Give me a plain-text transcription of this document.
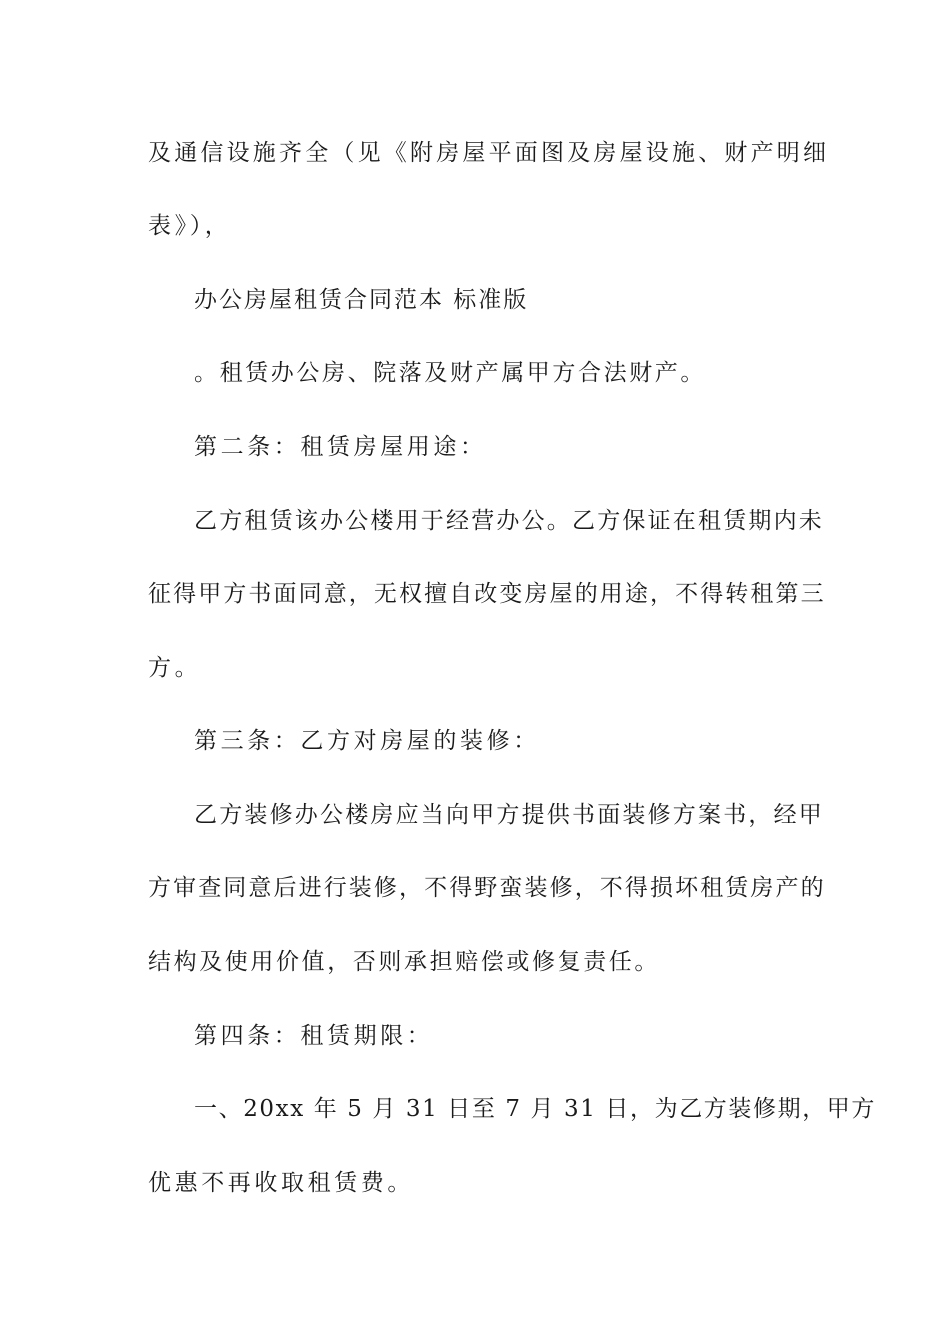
及通信设施齐全（见《附房屋平面图及房屋设施、财产明细
表》），
办公房屋租赁合同范本 标准版
。租赁办公房、院落及财产属甲方合法财产。
第二条：租赁房屋用途：
乙方租赁该办公楼用于经营办公。乙方保证在租赁期内未
征得甲方书面同意，无权擅自改变房屋的用途，不得转租第三
方。
第三条：乙方对房屋的装修：
乙方装修办公楼房应当向甲方提供书面装修方案书，经甲
方审查同意后进行装修，不得野蛮装修，不得损坏租赁房产的
结构及使用价值，否则承担赔偿或修复责任。
第四条：租赁期限：
一、20xx 年 5 月 31 日至 7 月 31 日，为乙方装修期，甲方
优惠不再收取租赁费。
